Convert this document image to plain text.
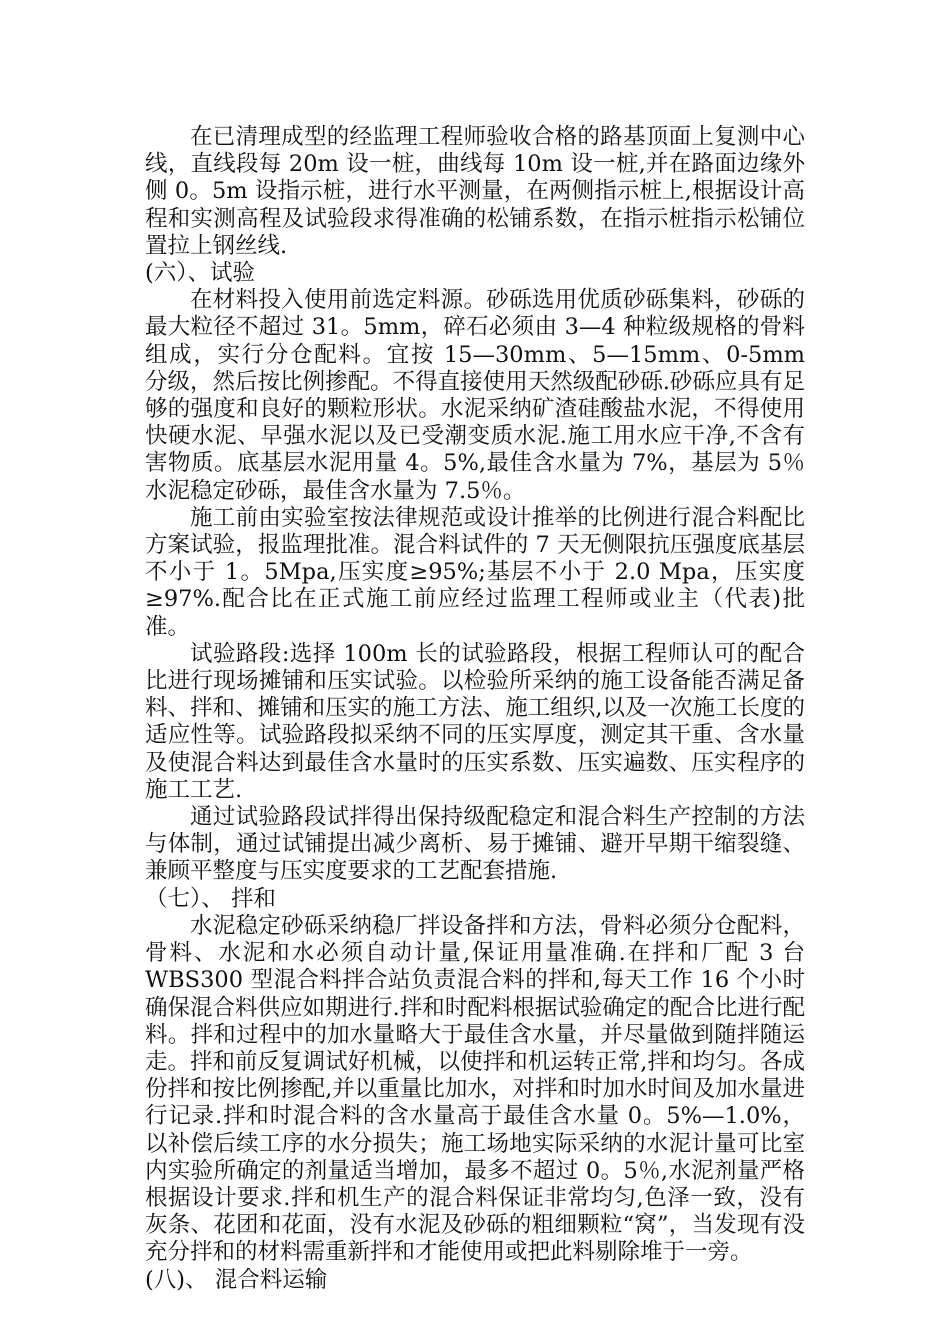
在已清理成型的经监理工程师验收合格的路基顶面上复测中心线，直线段每 20m 设一桩，曲线每 10m 设一桩,并在路面边缘外侧 0。5m 设指示桩，进行水平测量，在两侧指示桩上,根据设计高程和实测高程及试验段求得准确的松铺系数，在指示桩指示松铺位置拉上钢丝线.

(六）、试验

在材料投入使用前选定料源。砂砾选用优质砂砾集料，砂砾的最大粒径不超过 31。5mm，碎石必须由 3—4 种粒级规格的骨料组成，实行分仓配料。宜按 15—30mm、5—15mm、0-5mm 分级，然后按比例掺配。不得直接使用天然级配砂砾.砂砾应具有足够的强度和良好的颗粒形状。水泥采纳矿渣硅酸盐水泥，不得使用快硬水泥、早强水泥以及已受潮变质水泥.施工用水应干净,不含有害物质。底基层水泥用量 4。5%,最佳含水量为 7%，基层为 5％水泥稳定砂砾，最佳含水量为 7.5％。

施工前由实验室按法律规范或设计推举的比例进行混合料配比方案试验，报监理批准。混合料试件的 7 天无侧限抗压强度底基层不小于 1。5Mpa,压实度≥95%;基层不小于 2.0 Mpa，压实度≥97%.配合比在正式施工前应经过监理工程师或业主（代表)批准。

试验路段:选择 100m 长的试验路段，根据工程师认可的配合比进行现场摊铺和压实试验。以检验所采纳的施工设备能否满足备料、拌和、摊铺和压实的施工方法、施工组织,以及一次施工长度的适应性等。试验路段拟采纳不同的压实厚度，测定其干重、含水量及使混合料达到最佳含水量时的压实系数、压实遍数、压实程序的施工工艺.

通过试验路段试拌得出保持级配稳定和混合料生产控制的方法与体制，通过试铺提出减少离析、易于摊铺、避开早期干缩裂缝、兼顾平整度与压实度要求的工艺配套措施.

（七）、 拌和

水泥稳定砂砾采纳稳厂拌设备拌和方法，骨料必须分仓配料，骨料、水泥和水必须自动计量,保证用量准确.在拌和厂配 3 台 WBS300 型混合料拌合站负责混合料的拌和,每天工作 16 个小时确保混合料供应如期进行.拌和时配料根据试验确定的配合比进行配料。拌和过程中的加水量略大于最佳含水量，并尽量做到随拌随运走。拌和前反复调试好机械，以使拌和机运转正常,拌和均匀。各成份拌和按比例掺配,并以重量比加水，对拌和时加水时间及加水量进行记录.拌和时混合料的含水量高于最佳含水量 0。5%—1.0%，以补偿后续工序的水分损失；施工场地实际采纳的水泥计量可比室内实验所确定的剂量适当增加，最多不超过 0。5％,水泥剂量严格根据设计要求.拌和机生产的混合料保证非常均匀,色泽一致，没有灰条、花团和花面，没有水泥及砂砾的粗细颗粒“窝”，当发现有没充分拌和的材料需重新拌和才能使用或把此料剔除堆于一旁。

(八)、 混合料运输
